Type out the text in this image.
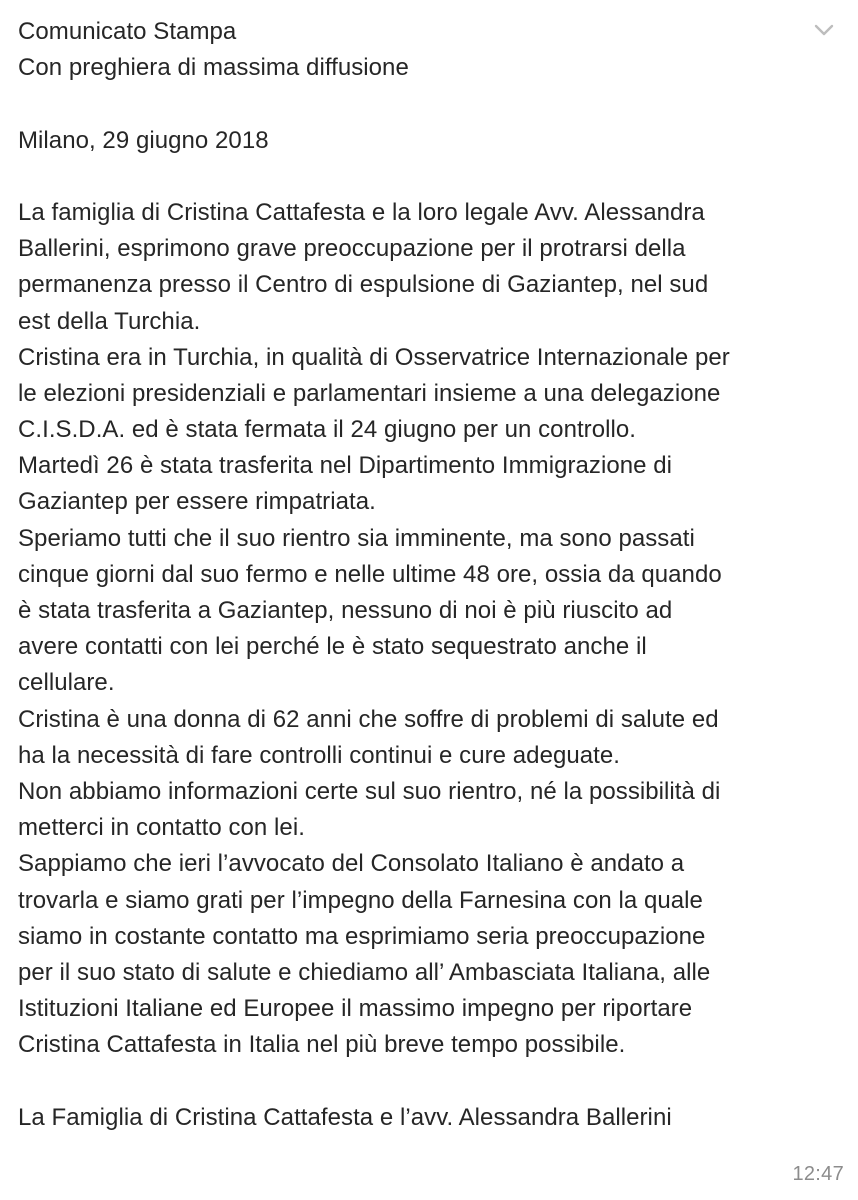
Comunicato Stampa
Con preghiera di massima diffusione
Milano, 29 giugno 2018
La famiglia di Cristina Cattafesta e la loro legale Avv. Alessandra
Ballerini, esprimono grave preoccupazione per il protrarsi della
permanenza presso il Centro di espulsione di Gaziantep, nel sud
est della Turchia.
Cristina era in Turchia, in qualità di Osservatrice Internazionale per
le elezioni presidenziali e parlamentari insieme a una delegazione
C.I.S.D.A. ed è stata fermata il 24 giugno per un controllo.
Martedì 26 è stata trasferita nel Dipartimento Immigrazione di
Gaziantep per essere rimpatriata.
Speriamo tutti che il suo rientro sia imminente, ma sono passati
cinque giorni dal suo fermo e nelle ultime 48 ore, ossia da quando
è stata trasferita a Gaziantep, nessuno di noi è più riuscito ad
avere contatti con lei perché le è stato sequestrato anche il
cellulare.
Cristina è una donna di 62 anni che soffre di problemi di salute ed
ha la necessità di fare controlli continui e cure adeguate.
Non abbiamo informazioni certe sul suo rientro, né la possibilità di
metterci in contatto con lei.
Sappiamo che ieri l’avvocato del Consolato Italiano è andato a
trovarla e siamo grati per l’impegno della Farnesina con la quale
siamo in costante contatto ma esprimiamo seria preoccupazione
per il suo stato di salute e chiediamo all’ Ambasciata Italiana, alle
Istituzioni Italiane ed Europee il massimo impegno per riportare
Cristina Cattafesta in Italia nel più breve tempo possibile.
La Famiglia di Cristina Cattafesta e l’avv. Alessandra Ballerini
12:47
